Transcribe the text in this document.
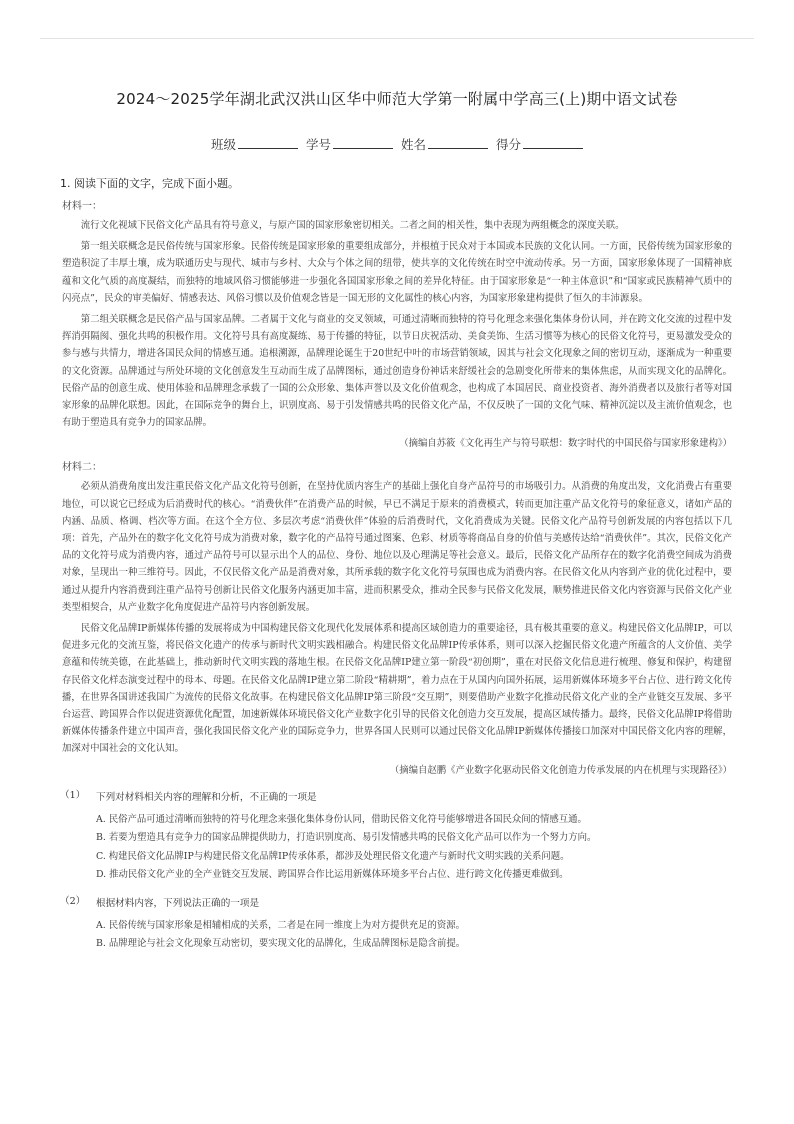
2024～2025学年湖北武汉洪山区华中师范大学第一附属中学高三(上)期中语文试卷
班级	学号	姓名	得分
1. 阅读下面的文字，完成下面小题。
材料一：

流行文化视域下民俗文化产品具有符号意义，与原产国的国家形象密切相关。二者之间的相关性，集中表现为两组概念的深度关联。

第一组关联概念是民俗传统与国家形象。民俗传统是国家形象的重要组成部分，并根植于民众对于本国或本民族的文化认同。一方面，民俗传统为国家形象的塑造积淀了丰厚土壤，成为联通历史与现代、城市与乡村、大众与个体之间的纽带，使共享的文化传统在时空中流动传承。另一方面，国家形象体现了一国精神底蕴和文化气质的高度凝结，而独特的地域风俗习惯能够进一步强化各国国家形象之间的差异化特征。由于国家形象是“一种主体意识”和“国家或民族精神气质中的闪亮点”，民众的审美偏好、情感表达、风俗习惯以及价值观念皆是一国无形的文化属性的核心内容，为国家形象建构提供了恒久的丰沛源泉。

第二组关联概念是民俗产品与国家品牌。二者属于文化与商业的交叉领域，可通过清晰而独特的符号化理念来强化集体身份认同，并在跨文化交流的过程中发挥消弭隔阂、强化共鸣的积极作用。文化符号具有高度凝练、易于传播的特征，以节日庆祝活动、美食美饰、生活习惯等为核心的民俗文化符号，更易激发受众的参与感与共情力，增进各国民众间的情感互通。追根溯源，品牌理论诞生于20世纪中叶的市场营销领域，因其与社会文化现象之间的密切互动，逐渐成为一种重要的文化资源。品牌通过与所处环境的文化创意发生互动而生成了品牌图标，通过创造身份神话来舒缓社会的急剧变化所带来的集体焦虑，从而实现文化的品牌化。民俗产品的创意生成、使用体验和品牌理念承载了一国的公众形象、集体声誉以及文化价值观念，也构成了本国居民、商业投资者、海外消费者以及旅行者等对国家形象的品牌化联想。因此，在国际竞争的舞台上，识别度高、易于引发情感共鸣的民俗文化产品，不仅反映了一国的文化气味、精神沉淀以及主流价值观念，也有助于塑造具有竞争力的国家品牌。

（摘编自苏筱《文化再生产与符号联想：数字时代的中国民俗与国家形象建构》）

材料二：

必须从消费角度出发注重民俗文化产品文化符号创新，在坚持优质内容生产的基础上强化自身产品符号的市场吸引力。从消费的角度出发，文化消费占有重要地位，可以说它已经成为后消费时代的核心。“消费伙伴”在消费产品的时候，早已不满足于原来的消费模式，转而更加注重产品文化符号的象征意义，诸如产品的内涵、品质、格调、档次等方面。在这个全方位、多层次考虑“消费伙伴”体验的后消费时代，文化消费成为关键。民俗文化产品符号创新发展的内容包括以下几项：首先，产品外在的数字化文化符号成为消费对象，数字化的产品符号通过图案、色彩、材质等将商品自身的价值与美感传达给“消费伙伴”。其次，民俗文化产品的文化符号成为消费内容，通过产品符号可以显示出个人的品位、身份、地位以及心理满足等社会意义。最后，民俗文化产品所存在的数字化消费空间成为消费对象，呈现出一种三维符号。因此，不仅民俗文化产品是消费对象，其所承载的数字化文化符号氛围也成为消费内容。在民俗文化从内容到产业的优化过程中，要通过从提升内容消费到注重产品符号创新让民俗文化服务内涵更加丰富，进而积累受众，推动全民参与民俗文化发展，顺势推进民俗文化内容资源与民俗文化产业类型相契合，从产业数字化角度促进产品符号内容创新发展。

民俗文化品牌IP新媒体传播的发展将成为中国构建民俗文化现代化发展体系和提高区域创造力的重要途径，具有极其重要的意义。构建民俗文化品牌IP，可以促进多元化的交流互鉴，将民俗文化遗产的传承与新时代文明实践相融合。构建民俗文化品牌IP传承体系，则可以深入挖掘民俗文化遗产所蕴含的人文价值、美学意蕴和传统美德，在此基础上，推动新时代文明实践的落地生根。在民俗文化品牌IP建立第一阶段“初创期”，重在对民俗文化信息进行梳理、修复和保护，构建留存民俗文化样态演变过程中的母本、母题。在民俗文化品牌IP建立第二阶段“精耕期”，着力点在于从国内向国外拓展，运用新媒体环境多平台占位、进行跨文化传播，在世界各国讲述我国广为流传的民俗文化故事。在构建民俗文化品牌IP第三阶段“交互期”，则要借助产业数字化推动民俗文化产业的全产业链交互发展、多平台运营、跨国界合作以促进资源优化配置，加速新媒体环境民俗文化产业数字化引导的民俗文化创造力交互发展，提高区域传播力。最终，民俗文化品牌IP将借助新媒体传播条件建立中国声音，强化我国民俗文化产业的国际竞争力，世界各国人民则可以通过民俗文化品牌IP新媒体传播接口加深对中国民俗文化内容的理解，加深对中国社会的文化认知。

（摘编自赵鹏《产业数字化驱动民俗文化创造力传承发展的内在机理与实现路径》）

（1）	下列对材料相关内容的理解和分析，不正确的一项是
A. 民俗产品可通过清晰而独特的符号化理念来强化集体身份认同，借助民俗文化符号能够增进各国民众间的情感互通。
B. 若要为塑造具有竞争力的国家品牌提供助力，打造识别度高、易引发情感共鸣的民俗文化产品可以作为一个努力方向。
C. 构建民俗文化品牌IP与构建民俗文化品牌IP传承体系，都涉及处理民俗文化遗产与新时代文明实践的关系问题。
D. 推动民俗文化产业的全产业链交互发展、跨国界合作比运用新媒体环境多平台占位、进行跨文化传播更难做到。
（2）	根据材料内容，下列说法正确的一项是
A. 民俗传统与国家形象是相辅相成的关系，二者是在同一维度上为对方提供充足的资源。
B. 品牌理论与社会文化现象互动密切，要实现文化的品牌化，生成品牌图标是隐含前提。
